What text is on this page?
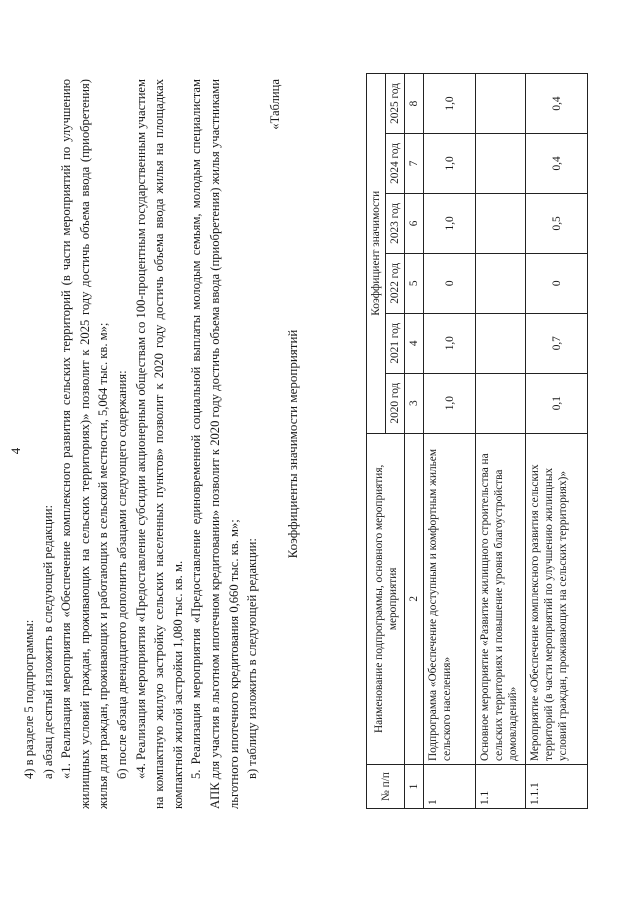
4

4) в разделе 5 подпрограммы: а) абзац десятый изложить в следующей редакции: «1. Реализация мероприятия «Обеспечение комплексного развития сельских территорий (в части мероприятий по улучшению жилищных условий граждан, проживающих на сельских территориях)» позволит к 2025 году достичь объема ввода (приобретения) жилья для граждан, проживающих и работающих в сельской местности, 5,064 тыс. кв. м»; б) после абзаца двенадцатого дополнить абзацами следующего содержания: «4. Реализация мероприятия «Предоставление субсидии акционерным обществам со 100-процентным государственным участием на компактную жилую застройку сельских населенных пунктов» позволит к 2020 году достичь объема ввода жилья на площадках компактной жилой застройки 1,080 тыс. кв. м. 5. Реализация мероприятия «Предоставление единовременной социальной выплаты молодым семьям, молодым специалистам АПК для участия в льготном ипотечном кредитовании» позволит к 2020 году достичь объема ввода (приобретения) жилья участниками льготного ипотечного кредитования 0,660 тыс. кв. м»; в) таблицу изложить в следующей редакции:

«Таблица

Коэффициенты значимости мероприятий

№ п/п	Наименование подпрограммы, основного мероприятия, мероприятия	Коэффициент значимости					
		2020 год	2021 год	2022 год	2023 год	2024 год	2025 год
1	2	3	4	5	6	7	8
1	Подпрограмма «Обеспечение доступным и комфортным жильем сельского населения»	1,0	1,0	0	1,0	1,0	1,0
1.1	Основное мероприятие «Развитие жилищного строительства на сельских территориях и повышение уровня благоустройства домовладений»						
1.1.1	Мероприятие «Обеспечение комплексного развития сельских территорий (в части мероприятий по улучшению жилищных условий граждан, проживающих на сельских территориях)»	0,1	0,7	0	0,5	0,4	0,4
